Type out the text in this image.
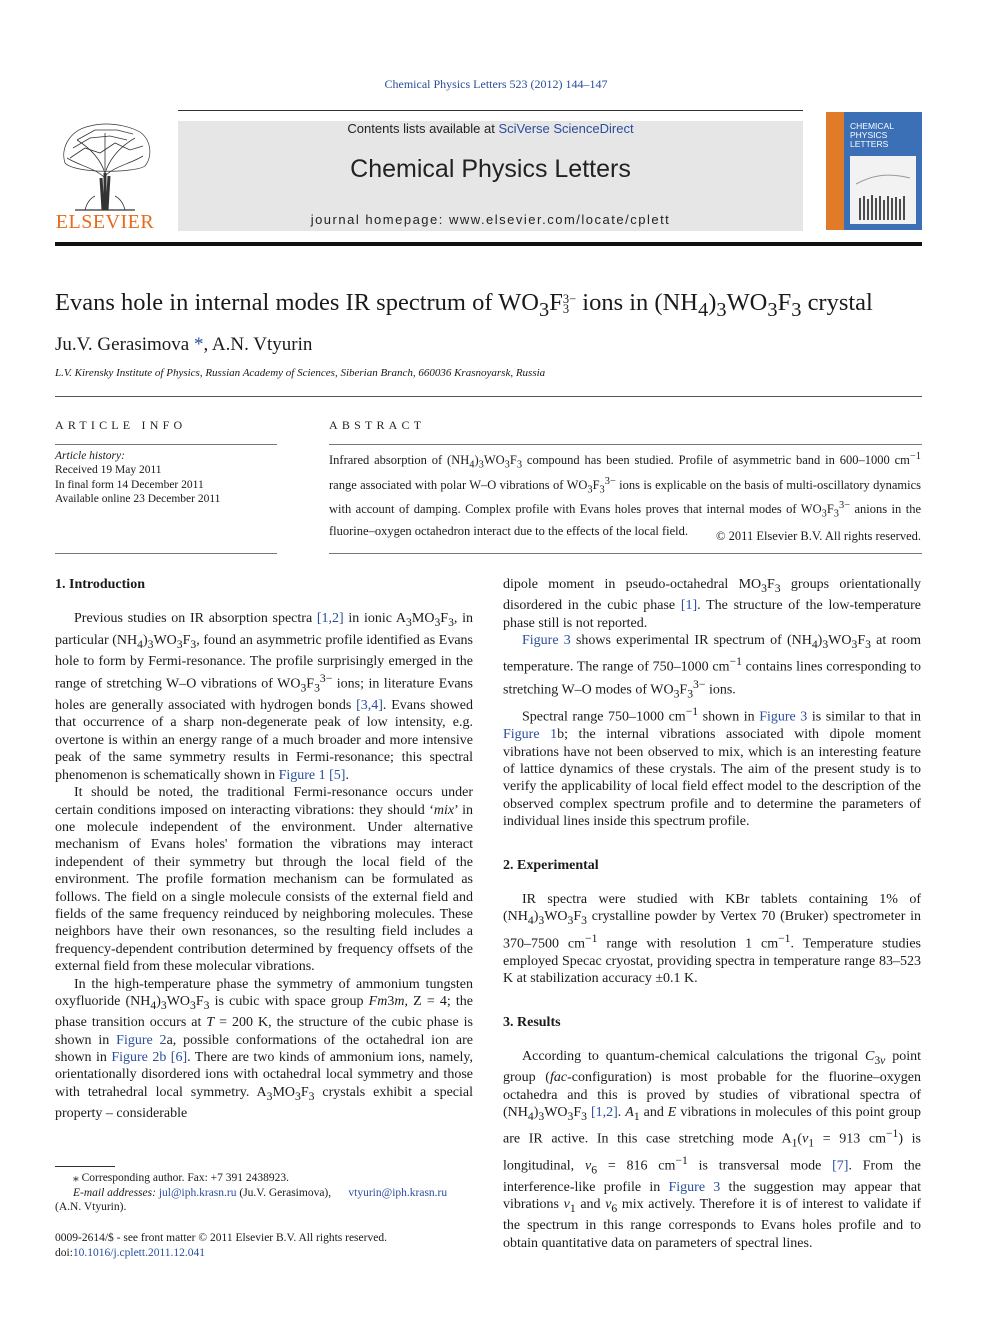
Chemical Physics Letters 523 (2012) 144–147
ELSEVIER
Contents lists available at SciVerse ScienceDirect
Chemical Physics Letters
journal homepage: www.elsevier.com/locate/cplett
CHEMICAL
PHYSICS
LETTERS
Evans hole in internal modes IR spectrum of $WO_3F$ 3−
3 ions in $(NH_4)_3WO_3F_3$ crystal
Ju.V. Gerasimova *, A.N. Vtyurin
L.V. Kirensky Institute of Physics, Russian Academy of Sciences, Siberian Branch, 660036 Krasnoyarsk, Russia
ARTICLE INFO	ABSTRACT
Article history:
Received 19 May 2011
In final form 14 December 2011
Available online 23 December 2011
Infrared absorption of $(NH_4)_3WO_3F_3$ compound has been studied. Profile of asymmetric band in 600–1000 $cm^{-1}$ range associated with polar W–O vibrations of $WO_3F_3^{3-}$ ions is explicable on the basis of multi-oscillatory dynamics with account of damping. Complex profile with Evans holes proves that internal modes of $WO_3F_3^{3-}$ anions in the fluorine–oxygen octahedron interact due to the effects of the local field.	© 2011 Elsevier B.V. All rights reserved.
1. Introduction

Previous studies on IR absorption spectra [1,2] in ionic $A_3MO_3F_3$, in particular $(NH_4)_3WO_3F_3$, found an asymmetric profile identified as Evans hole to form by Fermi-resonance. The profile surprisingly emerged in the range of stretching W–O vibrations of $WO_3F_3^{3-}$ ions; in literature Evans holes are generally associated with hydrogen bonds [3,4]. Evans showed that occurrence of a sharp non-degenerate peak of low intensity, e.g. overtone is within an energy range of a much broader and more intensive peak of the same symmetry results in Fermi-resonance; this spectral phenomenon is schematically shown in Figure 1 [5].

It should be noted, the traditional Fermi-resonance occurs under certain conditions imposed on interacting vibrations: they should ‘mix’ in one molecule independent of the environment. Under alternative mechanism of Evans holes' formation the vibrations may interact independent of their symmetry but through the local field of the environment. The profile formation mechanism can be formulated as follows. The field on a single molecule consists of the external field and fields of the same frequency reinduced by neighboring molecules. These neighbors have their own resonances, so the resulting field includes a frequency-dependent contribution determined by frequency offsets of the external field from these molecular vibrations.

In the high-temperature phase the symmetry of ammonium tungsten oxyfluoride $(NH_4)_3WO_3F_3$ is cubic with space group Fm3m, Z = 4; the phase transition occurs at T = 200 K, the structure of the cubic phase is shown in Figure 2a, possible conformations of the octahedral ion are shown in Figure 2b [6]. There are two kinds of ammonium ions, namely, orientationally disordered ions with octahedral local symmetry and those with tetrahedral local symmetry. $A_3MO_3F_3$ crystals exhibit a special property – considerable

⁎ Corresponding author. Fax: +7 391 2438923.
E-mail addresses: jul@iph.krasn.ru (Ju.V. Gerasimova), vtyurin@iph.krasn.ru
(A.N. Vtyurin).
0009-2614/$ - see front matter © 2011 Elsevier B.V. All rights reserved.
doi:10.1016/j.cplett.2011.12.041

dipole moment in pseudo-octahedral $MO_3F_3$ groups orientationally disordered in the cubic phase [1]. The structure of the low-temperature phase still is not reported.

Figure 3 shows experimental IR spectrum of $(NH_4)_3WO_3F_3$ at room temperature. The range of 750–1000 $cm^{-1}$ contains lines corresponding to stretching W–O modes of $WO_3F_3^{3-}$ ions.

Spectral range 750–1000 $cm^{-1}$ shown in Figure 3 is similar to that in Figure 1b; the internal vibrations associated with dipole moment vibrations have not been observed to mix, which is an interesting feature of lattice dynamics of these crystals. The aim of the present study is to verify the applicability of local field effect model to the description of the observed complex spectrum profile and to determine the parameters of individual lines inside this spectrum profile.

2. Experimental

IR spectra were studied with KBr tablets containing 1% of $(NH_4)_3WO_3F_3$ crystalline powder by Vertex 70 (Bruker) spectrometer in 370–7500 $cm^{-1}$ range with resolution 1 $cm^{-1}$. Temperature studies employed Specac cryostat, providing spectra in temperature range 83–523 K at stabilization accuracy ±0.1 K.

3. Results

According to quantum-chemical calculations the trigonal $C_{3v}$ point group (fac-configuration) is most probable for the fluorine–oxygen octahedra and this is proved by studies of vibrational spectra of $(NH_4)_3WO_3F_3$ [1,2]. $A_1$ and E vibrations in molecules of this point group are IR active. In this case stretching mode $A_1(\nu_1 = 913$ $cm^{-1}$) is longitudinal, $\nu_6 = 816$ $cm^{-1}$ is transversal mode [7]. From the interference-like profile in Figure 3 the suggestion may appear that vibrations $\nu_1$ and $\nu_6$ mix actively. Therefore it is of interest to validate if the spectrum in this range corresponds to Evans holes profile and to obtain quantitative data on parameters of spectral lines.
